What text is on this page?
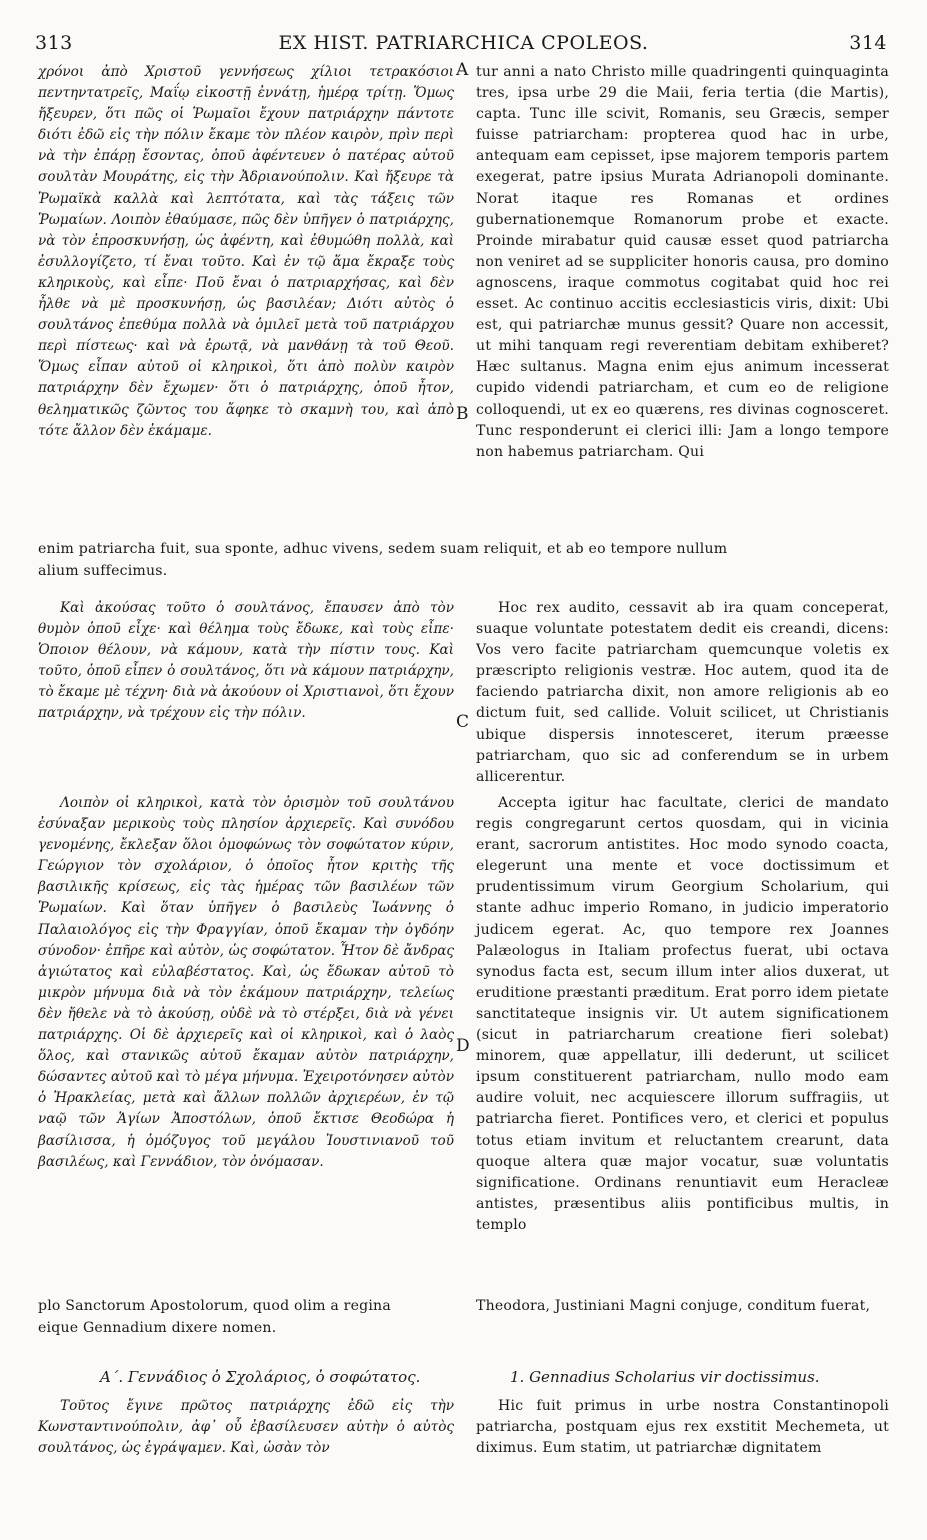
313	EX HIST. PATRIARCHICA CPOLEOS.	314

χρόνοι ἀπὸ Χριστοῦ γεννήσεως χίλιοι τετρακόσιοι πεντηντατρεῖς, Μαΐῳ εἰκοστῇ ἐννάτῃ, ἡμέρᾳ τρίτῃ. Ὅμως ἤξευρεν, ὅτι πῶς οἱ Ῥωμαῖοι ἔχουν πατριάρχην πάντοτε διότι ἐδῶ εἰς τὴν πόλιν ἔκαμε τὸν πλέον καιρὸν, πρὶν περὶ νὰ τὴν ἐπάρῃ ἔσοντας, ὁποῦ ἀφέντευεν ὁ πατέρας αὐτοῦ σουλτὰν Μουράτης, εἰς τὴν Ἀδριανούπολιν. Καὶ ἤξευρε τὰ Ῥωμαϊκὰ καλλὰ καὶ λεπτότατα, καὶ τὰς τάξεις τῶν Ῥωμαίων. Λοιπὸν ἐθαύμασε, πῶς δὲν ὑπῆγεν ὁ πατριάρχης, νὰ τὸν ἐπροσκυνήσῃ, ὡς ἀφέντη, καὶ ἐθυμώθη πολλὰ, καὶ ἐσυλλογίζετο, τί ἔναι τοῦτο. Καὶ ἐν τῷ ἅμα ἔκραξε τοὺς κληρικοὺς, καὶ εἶπε· Ποῦ ἔναι ὁ πατριαρχήσας, καὶ δὲν ἦλθε νὰ μὲ προσκυνήσῃ, ὡς βασιλέαν; Διότι αὐτὸς ὁ σουλτάνος ἐπεθύμα πολλὰ νὰ ὁμιλεῖ μετὰ τοῦ πατριάρχου περὶ πίστεως· καὶ νὰ ἐρωτᾷ, νὰ μανθάνῃ τὰ τοῦ Θεοῦ. Ὅμως εἶπαν αὐτοῦ οἱ κληρικοὶ, ὅτι ἀπὸ πολὺν καιρὸν πατριάρχην δὲν ἔχωμεν· ὅτι ὁ πατριάρχης, ὁποῦ ἦτον, θεληματικῶς ζῶντος του ἄφηκε τὸ σκαμνὴ του, καὶ ἀπὸ τότε ἄλλον δὲν ἐκάμαμε.

A tur anni a nato Christo mille quadringenti quinquaginta tres, ipsa urbe 29 die Maii, feria tertia (die Martis), capta. Tunc ille scivit, Romanis, seu Græcis, semper fuisse patriarcham: propterea quod hac in urbe, antequam eam cepisset, ipse majorem temporis partem exegerat, patre ipsius Murata Adrianopoli dominante. Norat itaque res Romanas et ordines gubernationemque Romanorum probe et exacte. Proinde mirabatur quid causæ esset quod patriarcha non veniret ad se suppliciter honoris causa, pro domino agnoscens, iraque commotus cogitabat quid hoc rei esset. Ac continuo accitis ecclesiasticis viris, dixit: Ubi est, qui patriarchæ munus gessit? Quare non accessit, ut mihi tanquam regi reverentiam debitam exhiberet? Hæc sultanus. Magna enim ejus animum incesserat cupido videndi patriarcham, et cum eo de religione colloquendi, ut ex eo quærens, res divinas cognosceret. Tunc responderunt ei clerici illi: Jam a longo tempore non habemus patriarcham. Qui

B
enim patriarcha fuit, sua sponte, adhuc vivens, sedem suam reliquit, et ab eo tempore nullum
alium suffecimus.

Καὶ ἀκούσας τοῦτο ὁ σουλτάνος, ἔπαυσεν ἀπὸ τὸν θυμὸν ὁποῦ εἶχε· καὶ θέλημα τοὺς ἔδωκε, καὶ τοὺς εἶπε· Ὁποιον θέλουν, νὰ κάμουν, κατὰ τὴν πίστιν τους. Καὶ τοῦτο, ὁποῦ εἶπεν ὁ σουλτάνος, ὅτι νὰ κάμουν πατριάρχην, τὸ ἔκαμε μὲ τέχνη· διὰ νὰ ἀκούουν οἱ Χριστιανοὶ, ὅτι ἔχουν πατριάρχην, νὰ τρέχουν εἰς τὴν πόλιν.	C

Hoc rex audito, cessavit ab ira quam conceperat, suaque voluntate potestatem dedit eis creandi, dicens: Vos vero facite patriarcham quemcunque voletis ex præscripto religionis vestræ. Hoc autem, quod ita de faciendo patriarcha dixit, non amore religionis ab eo dictum fuit, sed callide. Voluit scilicet, ut Christianis ubique dispersis innotesceret, iterum præesse patriarcham, quo sic ad conferendum se in urbem allicerentur.

Λοιπὸν οἱ κληρικοὶ, κατὰ τὸν ὁρισμὸν τοῦ σουλτάνου ἐσύναξαν μερικοὺς τοὺς πλησίον ἀρχιερεῖς. Καὶ συνόδου γενομένης, ἔκλεξαν ὅλοι ὁμοφώνως τὸν σοφώτατον κύριν, Γεώργιον τὸν σχολάριον, ὁ ὁποῖος ἦτον κριτὴς τῆς βασιλικῆς κρίσεως, εἰς τὰς ἡμέρας τῶν βασιλέων τῶν Ῥωμαίων. Καὶ ὅταν ὑπῆγεν ὁ βασιλεὺς Ἰωάννης ὁ Παλαιολόγος εἰς τὴν Φραγγίαν, ὁποῦ ἔκαμαν τὴν ὀγδόην σύνοδον· ἐπῆρε καὶ αὐτὸν, ὡς σοφώτατον. Ἦτον δὲ ἄνδρας ἀγιώτατος καὶ εὐλαβέστατος. Καὶ, ὡς ἔδωκαν αὐτοῦ τὸ μικρὸν μήνυμα διὰ νὰ τὸν ἐκάμουν πατριάρχην, τελείως δὲν ἤθελε νὰ τὸ ἀκούσῃ, οὐδὲ νὰ τὸ στέρξει, διὰ νὰ γένει πατριάρχης. Οἱ δὲ ἀρχιερεῖς καὶ οἱ κληρικοὶ, καὶ ὁ λαὸς ὅλος, καὶ στανικῶς αὐτοῦ ἔκαμαν αὐτὸν πατριάρχην, δώσαντες αὐτοῦ καὶ τὸ μέγα μήνυμα. Ἐχειροτόνησεν αὐτὸν ὁ Ἡρακλείας, μετὰ καὶ ἄλλων πολλῶν ἀρχιερέων, ἐν τῷ ναῷ τῶν Ἁγίων Ἀποστόλων, ὁποῦ ἔκτισε Θεοδώρα ἡ βασίλισσα, ἡ ὁμόζυγος τοῦ μεγάλου Ἰουστινιανοῦ τοῦ βασιλέως, καὶ Γεννάδιον, τὸν ὀνόμασαν.

D

Accepta igitur hac facultate, clerici de mandato regis congregarunt certos quosdam, qui in vicinia erant, sacrorum antistites. Hoc modo synodo coacta, elegerunt una mente et voce doctissimum et prudentissimum virum Georgium Scholarium, qui stante adhuc imperio Romano, in judicio imperatorio judicem egerat. Ac, quo tempore rex Joannes Palæologus in Italiam profectus fuerat, ubi octava synodus facta est, secum illum inter alios duxerat, ut eruditione præstanti præditum. Erat porro idem pietate sanctitateque insignis vir. Ut autem significationem (sicut in patriarcharum creatione fieri solebat) minorem, quæ appellatur, illi dederunt, ut scilicet ipsum constituerent patriarcham, nullo modo eam audire voluit, nec acquiescere illorum suffragiis, ut patriarcha fieret. Pontifices vero, et clerici et populus totus etiam invitum et reluctantem crearunt, data quoque altera quæ major vocatur, suæ voluntatis significatione. Ordinans renuntiavit eum Heracleæ antistes, præsentibus aliis pontificibus multis, in templo

Theodora, Justiniani Magni conjuge, conditum fuerat,
plo Sanctorum Apostolorum, quod olim a regina
eique Gennadium dixere nomen.
Α΄. Γεννάδιος ὁ Σχολάριος, ὁ σοφώτατος.	1. Gennadius Scholarius vir doctissimus.

Τοῦτος ἔγινε πρῶτος πατριάρχης ἐδῶ εἰς τὴν Κωνσταντινούπολιν, ἀφ᾽ οὗ ἐβασίλευσεν αὐτὴν ὁ αὐτὸς σουλτάνος, ὡς ἐγράψαμεν. Καὶ, ὡσὰν τὸν

Hic fuit primus in urbe nostra Constantinopoli patriarcha, postquam ejus rex exstitit Mechemeta, ut diximus. Eum statim, ut patriarchæ dignitatem
